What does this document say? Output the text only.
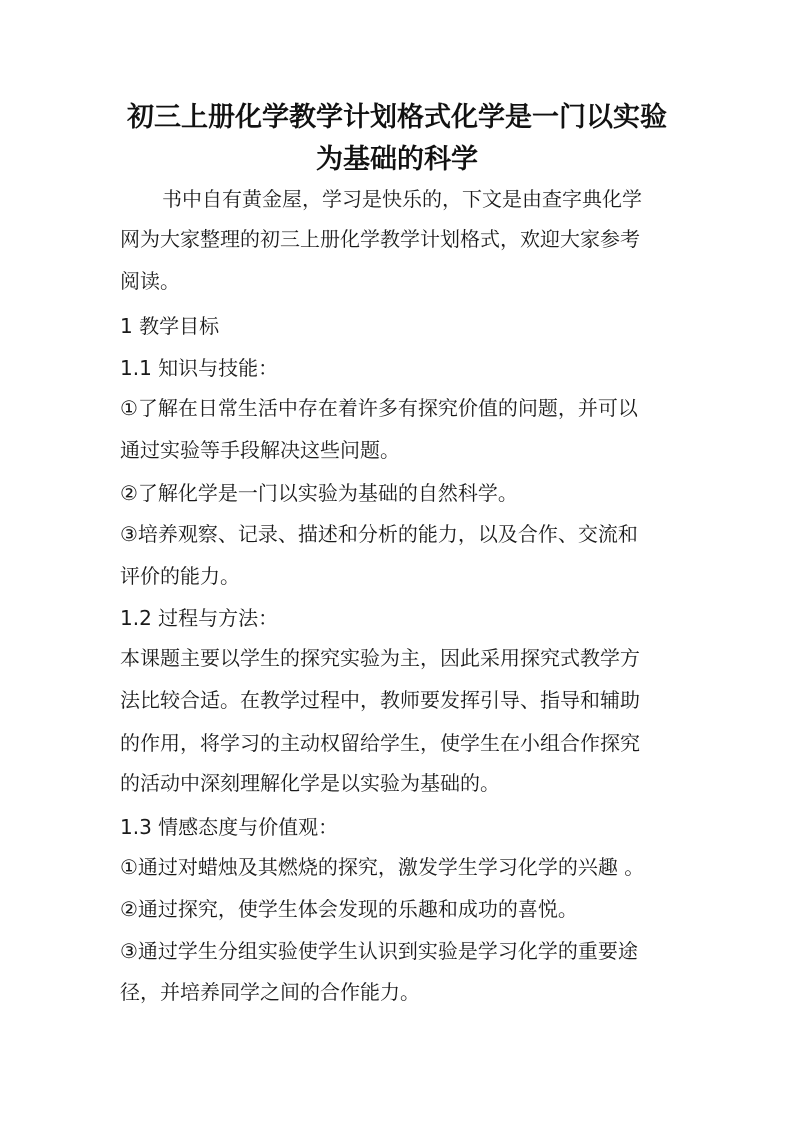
初三上册化学教学计划格式化学是一门以实验
为基础的科学
书中自有黄金屋，学习是快乐的，下文是由查字典化学
网为大家整理的初三上册化学教学计划格式，欢迎大家参考
阅读。
1 教学目标
1.1 知识与技能：
①了解在日常生活中存在着许多有探究价值的问题，并可以
通过实验等手段解决这些问题。
②了解化学是一门以实验为基础的自然科学。
③培养观察、记录、描述和分析的能力，以及合作、交流和
评价的能力。
1.2 过程与方法：
本课题主要以学生的探究实验为主，因此采用探究式教学方
法比较合适。在教学过程中，教师要发挥引导、指导和辅助
的作用，将学习的主动权留给学生，使学生在小组合作探究
的活动中深刻理解化学是以实验为基础的。
1.3 情感态度与价值观：
①通过对蜡烛及其燃烧的探究，激发学生学习化学的兴趣 。
②通过探究，使学生体会发现的乐趣和成功的喜悦。
③通过学生分组实验使学生认识到实验是学习化学的重要途
径，并培养同学之间的合作能力。
